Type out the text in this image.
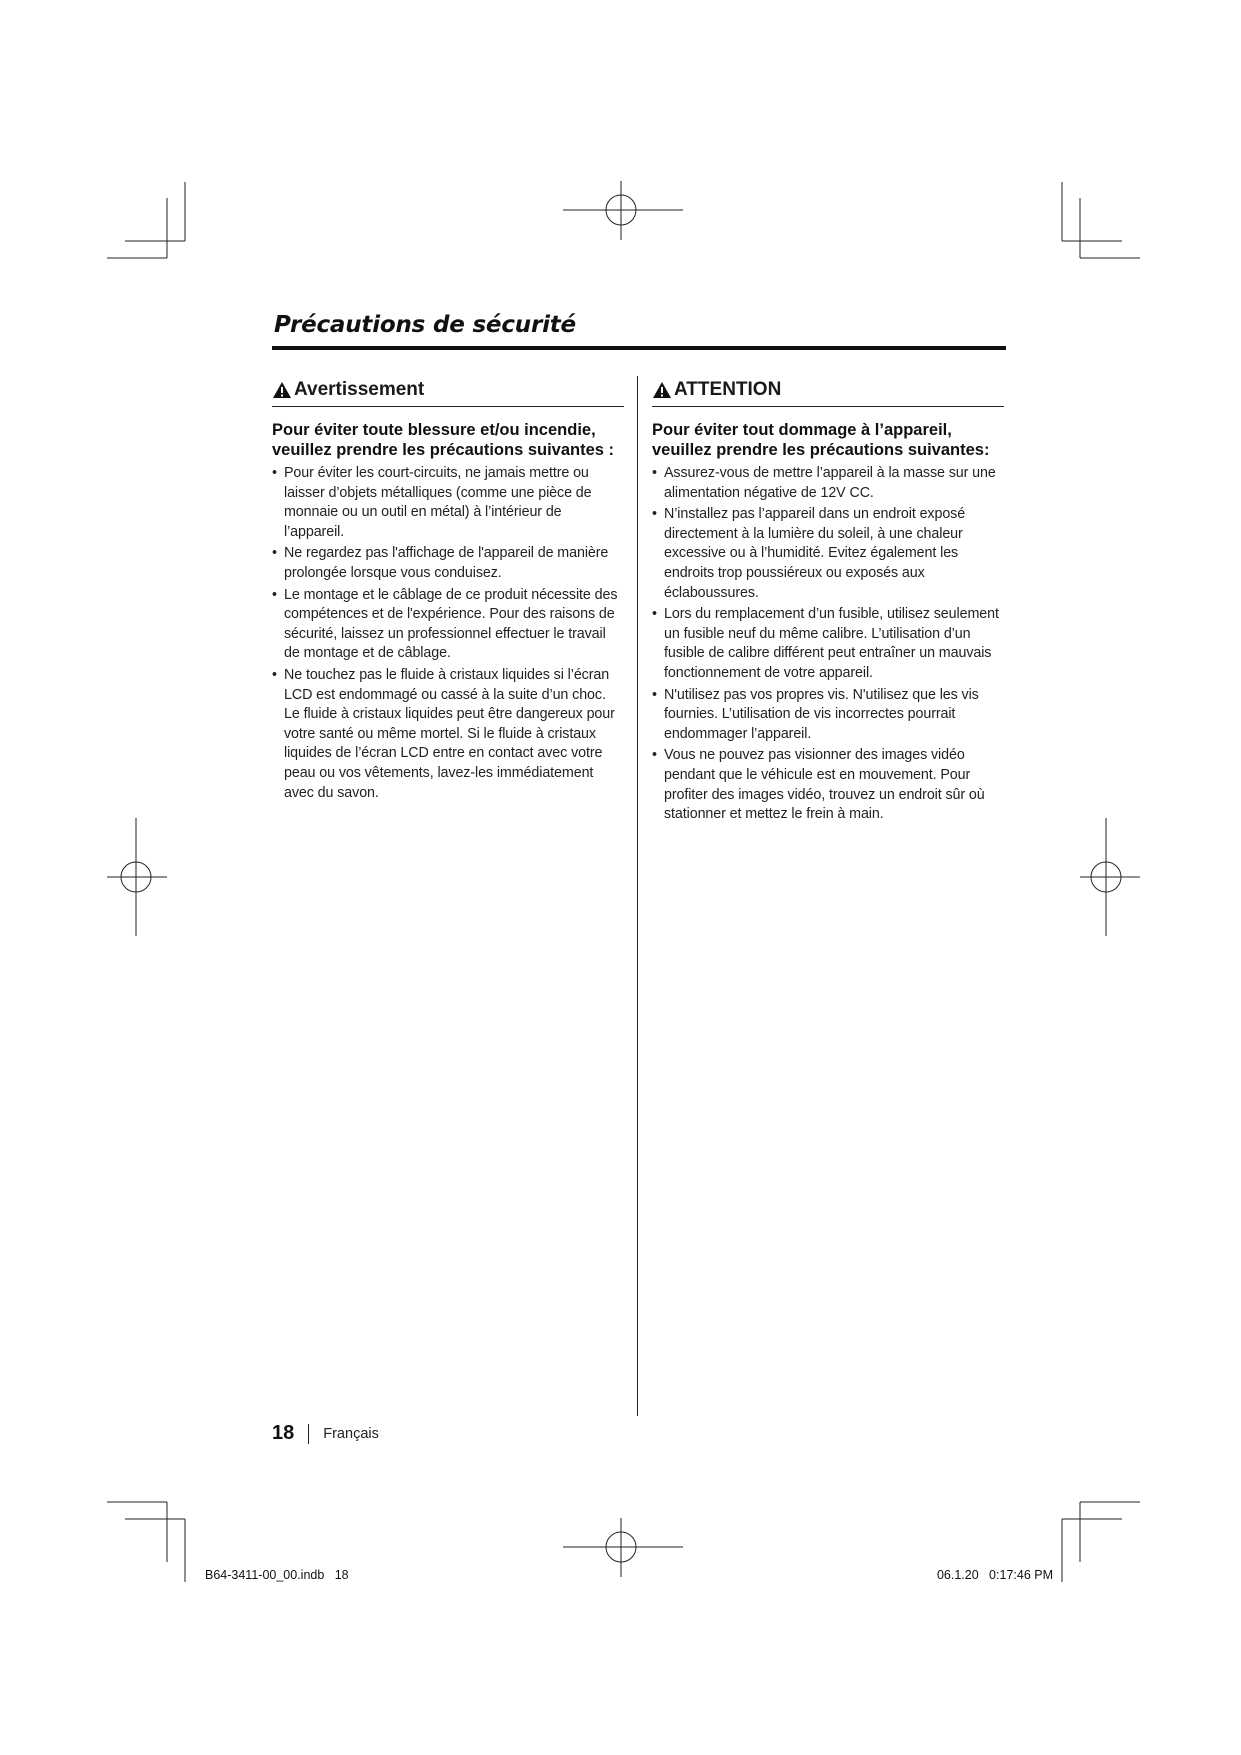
Précautions de sécurité
Avertissement

Pour éviter toute blessure et/ou incendie, veuillez prendre les précautions suivantes :

• Pour éviter les court-circuits, ne jamais mettre ou laisser d’objets métalliques (comme une pièce de monnaie ou un outil en métal) à l’intérieur de l’appareil.
• Ne regardez pas l'affichage de l'appareil de manière prolongée lorsque vous conduisez.
• Le montage et le câblage de ce produit nécessite des compétences et de l'expérience. Pour des raisons de sécurité, laissez un professionnel effectuer le travail de montage et de câblage.
• Ne touchez pas le fluide à cristaux liquides si l’écran LCD est endommagé ou cassé à la suite d’un choc. Le fluide à cristaux liquides peut être dangereux pour votre santé ou même mortel. Si le fluide à cristaux liquides de l’écran LCD entre en contact avec votre peau ou vos vêtements, lavez-les immédiatement avec du savon.
ATTENTION

Pour éviter tout dommage à l’appareil, veuillez prendre les précautions suivantes:

• Assurez-vous de mettre l’appareil à la masse sur une alimentation négative de 12V CC.
• N’installez pas l’appareil dans un endroit exposé directement à la lumière du soleil, à une chaleur excessive ou à l’humidité. Evitez également les endroits trop poussiéreux ou exposés aux éclaboussures.
• Lors du remplacement d’un fusible, utilisez seulement un fusible neuf du même calibre. L’utilisation d’un fusible de calibre différent peut entraîner un mauvais fonctionnement de votre appareil.
• N'utilisez pas vos propres vis. N'utilisez que les vis fournies. L’utilisation de vis incorrectes pourrait endommager l’appareil.
• Vous ne pouvez pas visionner des images vidéo pendant que le véhicule est en mouvement. Pour profiter des images vidéo, trouvez un endroit sûr où stationner et mettez le frein à main.
18 Français
B64-3411-00_00.indb   18	06.1.20   0:17:46 PM
